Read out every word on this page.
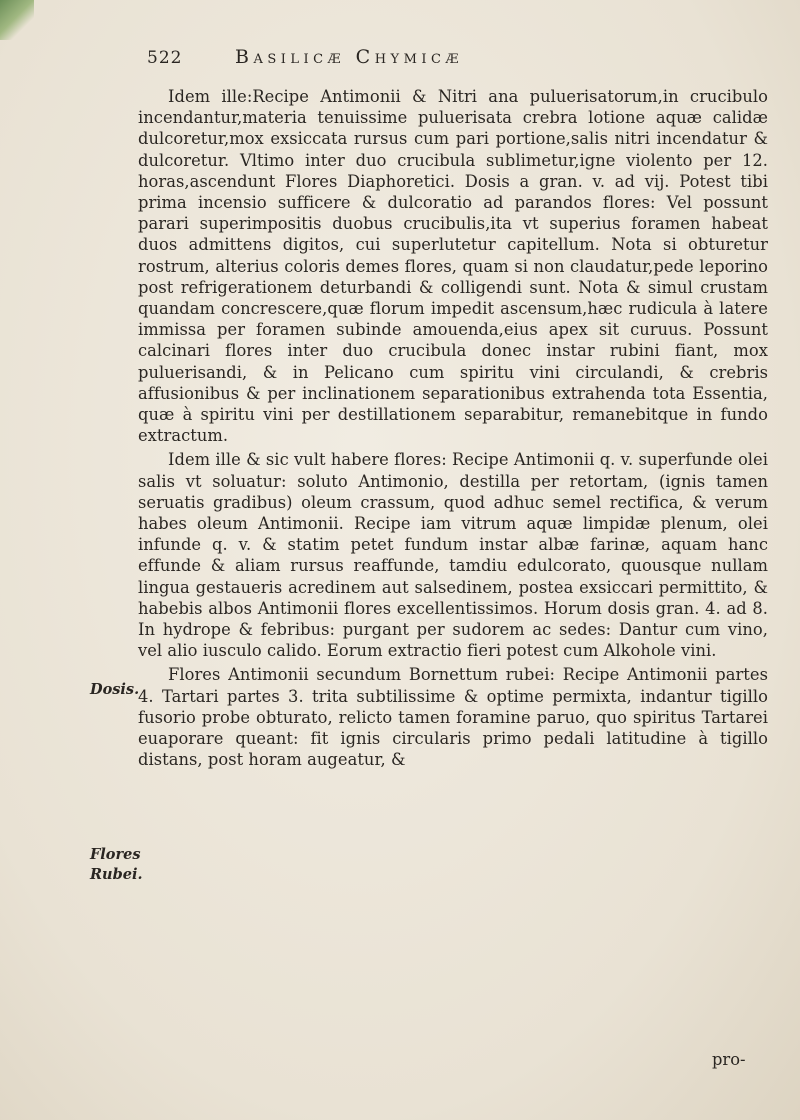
522	Basilicæ Chymicæ

Idem ille:Recipe Antimonii & Nitri ana puluerisatorum,in crucibulo incendantur,materia tenuissime puluerisata crebra lotione aquæ calidæ dulcoretur,mox exsiccata rursus cum pari portione,salis nitri incendatur & dulcoretur. Vltimo inter duo crucibula sublimetur,igne violento per 12. horas,ascendunt Flores Diaphoretici. Dosis a gran. v. ad vij. Potest tibi prima incensio sufficere & dulcoratio ad parandos flores: Vel possunt parari superimpositis duobus crucibulis,ita vt superius foramen habeat duos admittens digitos, cui superlutetur capitellum. Nota si obturetur rostrum, alterius coloris demes flores, quam si non claudatur,pede leporino post refrigerationem deturbandi & colligendi sunt. Nota & simul crustam quandam concrescere,quæ florum impedit ascensum,hæc rudicula à latere immissa per foramen subinde amouenda,eius apex sit curuus. Possunt calcinari flores inter duo crucibula donec instar rubini fiant, mox puluerisandi, & in Pelicano cum spiritu vini circulandi, & crebris affusionibus & per inclinationem separationibus extrahenda tota Essentia, quæ à spiritu vini per destillationem separabitur, remanebitque in fundo extractum.

Idem ille & sic vult habere flores: Recipe Antimonii q. v. superfunde olei salis vt soluatur: soluto Antimonio, destilla per retortam, (ignis tamen seruatis gradibus) oleum crassum, quod adhuc semel rectifica, & verum habes oleum Antimonii. Recipe iam vitrum aquæ limpidæ plenum, olei infunde q. v. & statim petet fundum instar albæ farinæ, aquam hanc effunde & aliam rursus reaffunde, tamdiu edulcorato, quousque nullam lingua gestaueris acredinem aut salsedinem, postea exsiccari permittito, & habebis albos Antimonii flores excellentissimos. Horum dosis gran. 4. ad 8. In hydrope & febribus: purgant per sudorem ac sedes: Dantur cum vino, vel alio iusculo calido. Eorum extractio fieri potest cum Alkohole vini.

Flores Antimonii secundum Bornettum rubei: Recipe Antimonii partes 4. Tartari partes 3. trita subtilissime & optime permixta, indantur tigillo fusorio probe obturato, relicto tamen foramine paruo, quo spiritus Tartarei euaporare queant: fit ignis circularis primo pedali latitudine à tigillo distans, post horam augeatur, &

Dosis.
Flores Rubei.
pro-
